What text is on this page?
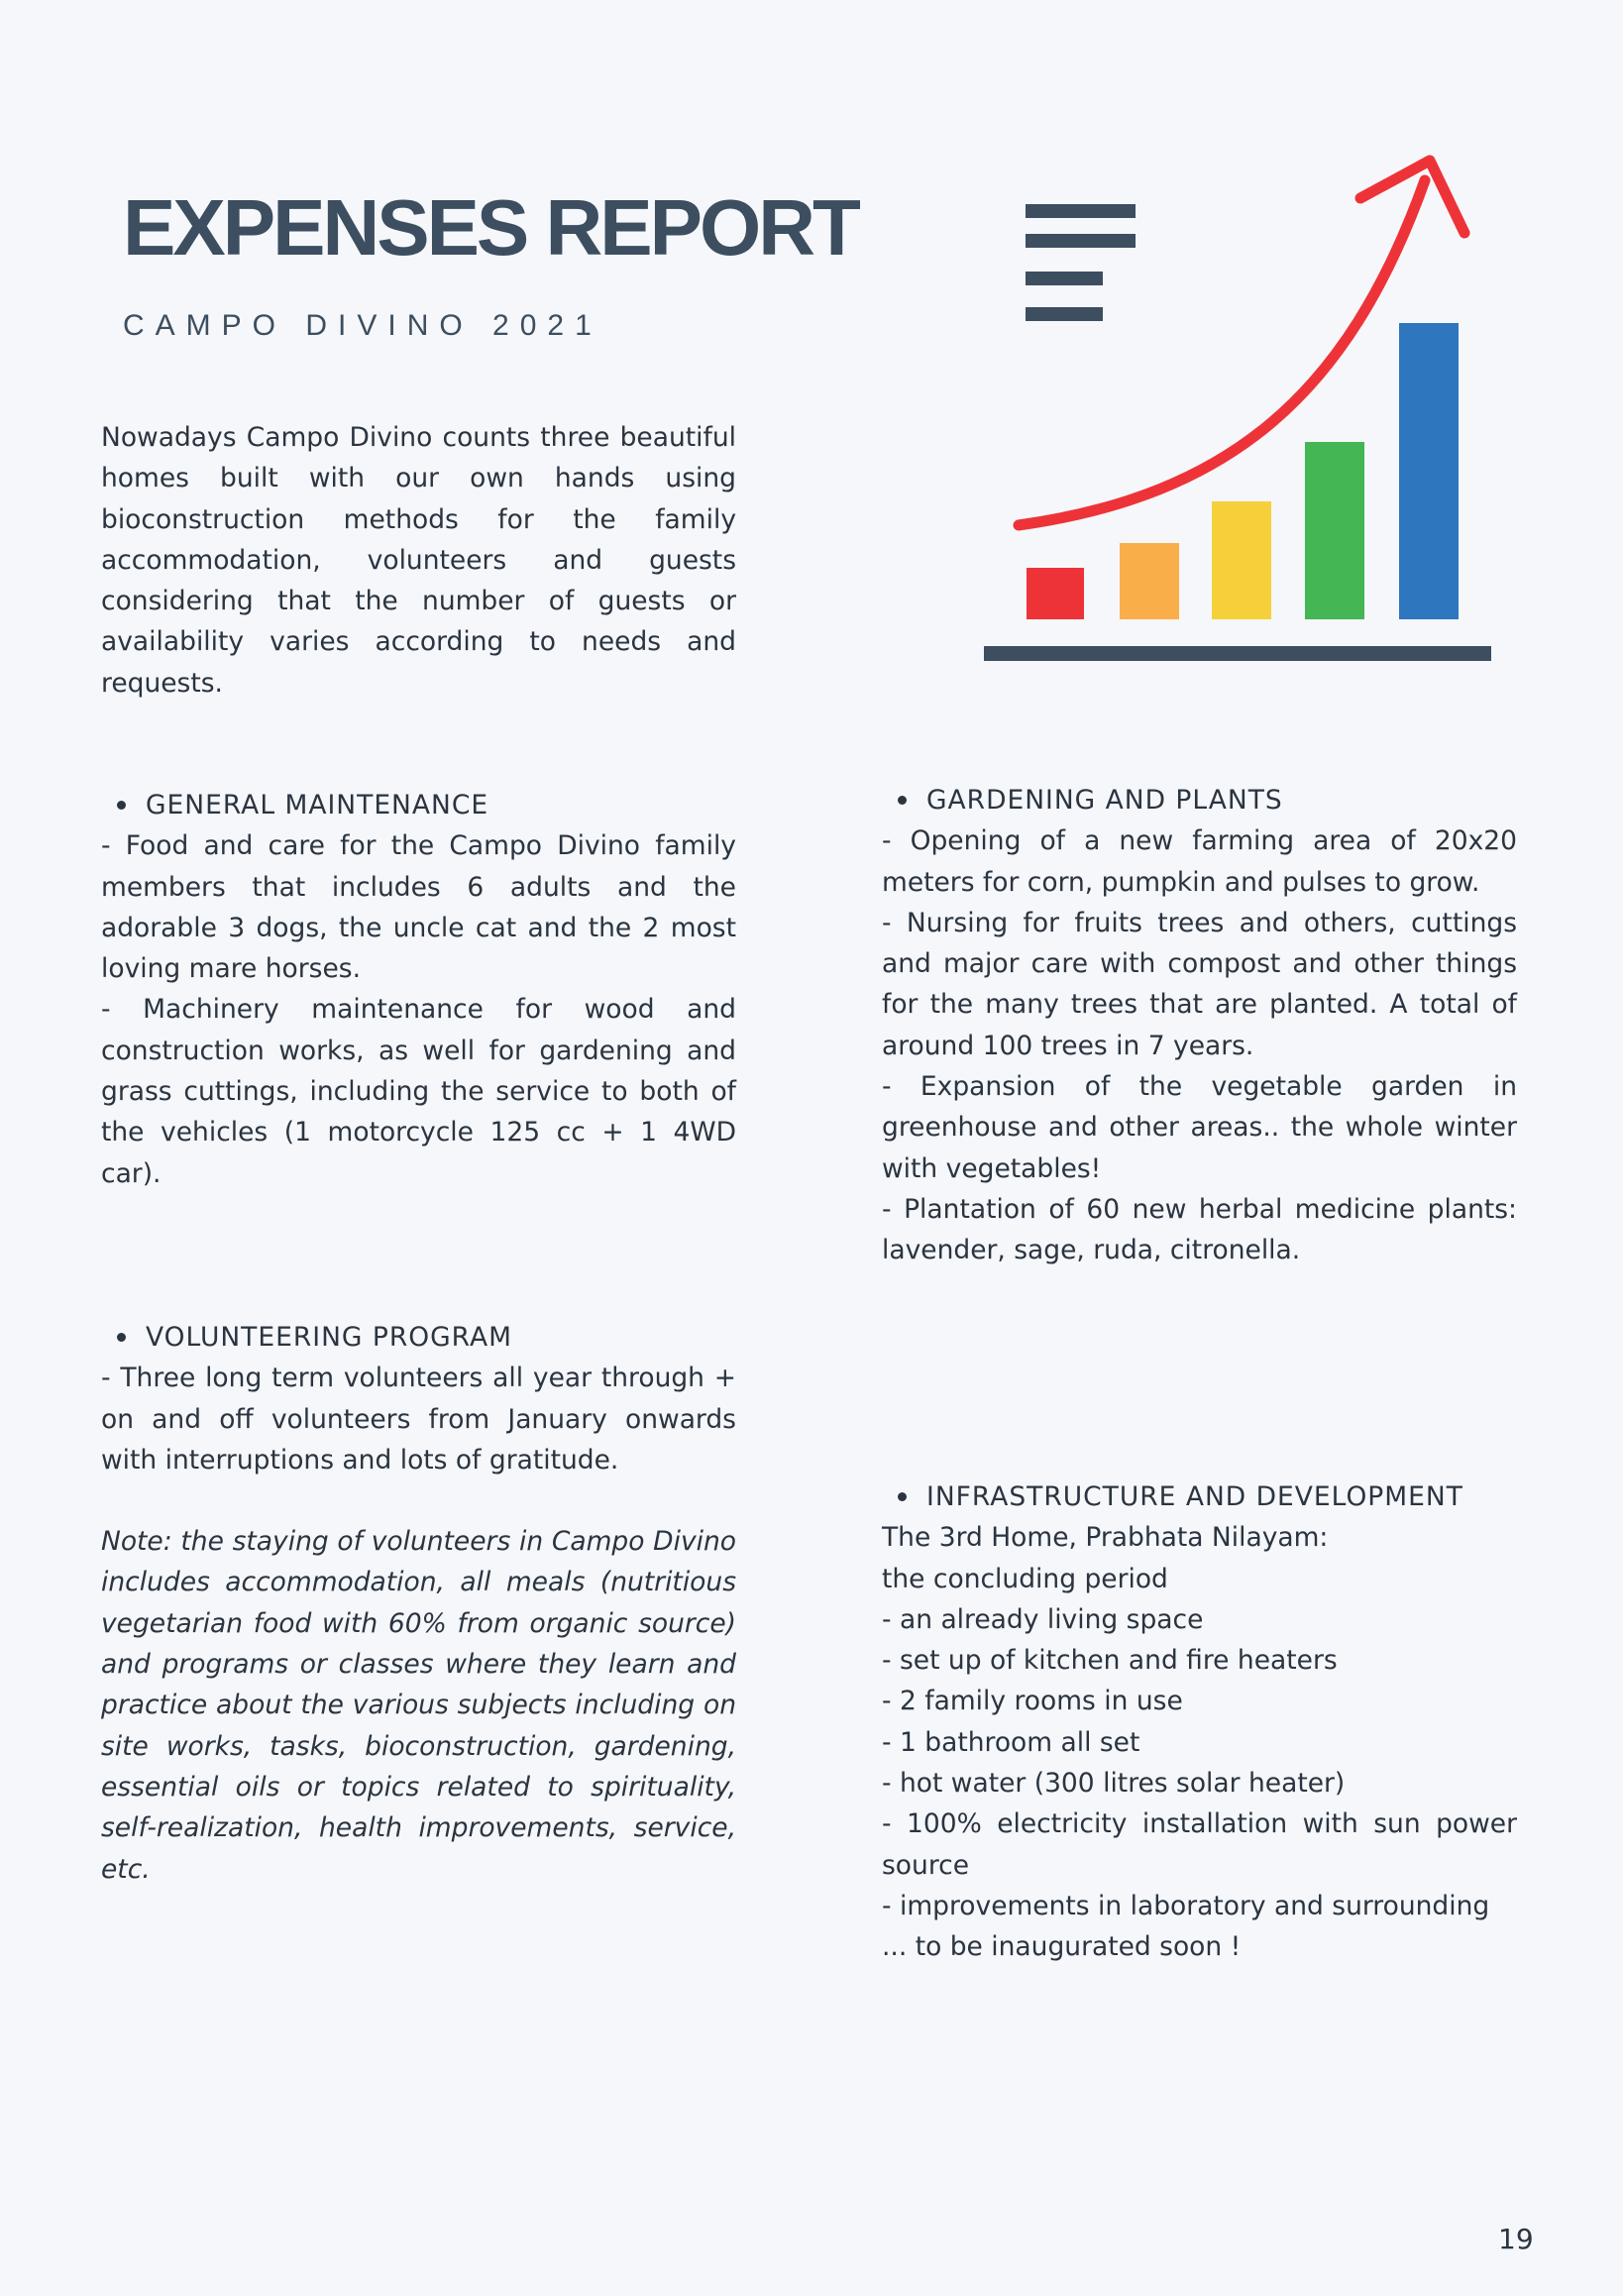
EXPENSES REPORT
CAMPO DIVINO 2021

Nowadays Campo Divino counts three beautiful homes built with our own hands using bioconstruction methods for the family accommodation, volunteers and guests considering that the number of guests or availability varies according to needs and requests.

GENERAL MAINTENANCE

- Food and care for the Campo Divino family members that includes 6 adults and the adorable 3 dogs, the uncle cat and the 2 most loving mare horses.

- Machinery maintenance for wood and construction works, as well for gardening and grass cuttings, including the service to both of the vehicles (1 motorcycle 125 cc + 1 4WD car).

VOLUNTEERING PROGRAM

- Three long term volunteers all year through + on and off volunteers from January onwards with interruptions and lots of gratitude.

Note: the staying of volunteers in Campo Divino includes accommodation, all meals (nutritious vegetarian food with 60% from organic source) and programs or classes where they learn and practice about the various subjects including on site works, tasks, bioconstruction, gardening, essential oils or topics related to spirituality, self-realization, health improvements, service, etc.

GARDENING AND PLANTS

- Opening of a new farming area of 20x20 meters for corn, pumpkin and pulses to grow.

- Nursing for fruits trees and others, cuttings and major care with compost and other things for the many trees that are planted. A total of around 100 trees in 7 years.

- Expansion of the vegetable garden in greenhouse and other areas.. the whole winter with vegetables!

- Plantation of 60 new herbal medicine plants: lavender, sage, ruda, citronella.

INFRASTRUCTURE AND DEVELOPMENT

The 3rd Home, Prabhata Nilayam:

the concluding period

- an already living space

- set up of kitchen and fire heaters

- 2 family rooms in use

- 1 bathroom all set

- hot water (300 litres solar heater)

- 100% electricity installation with sun power source

- improvements in laboratory and surrounding

... to be inaugurated soon !

19
